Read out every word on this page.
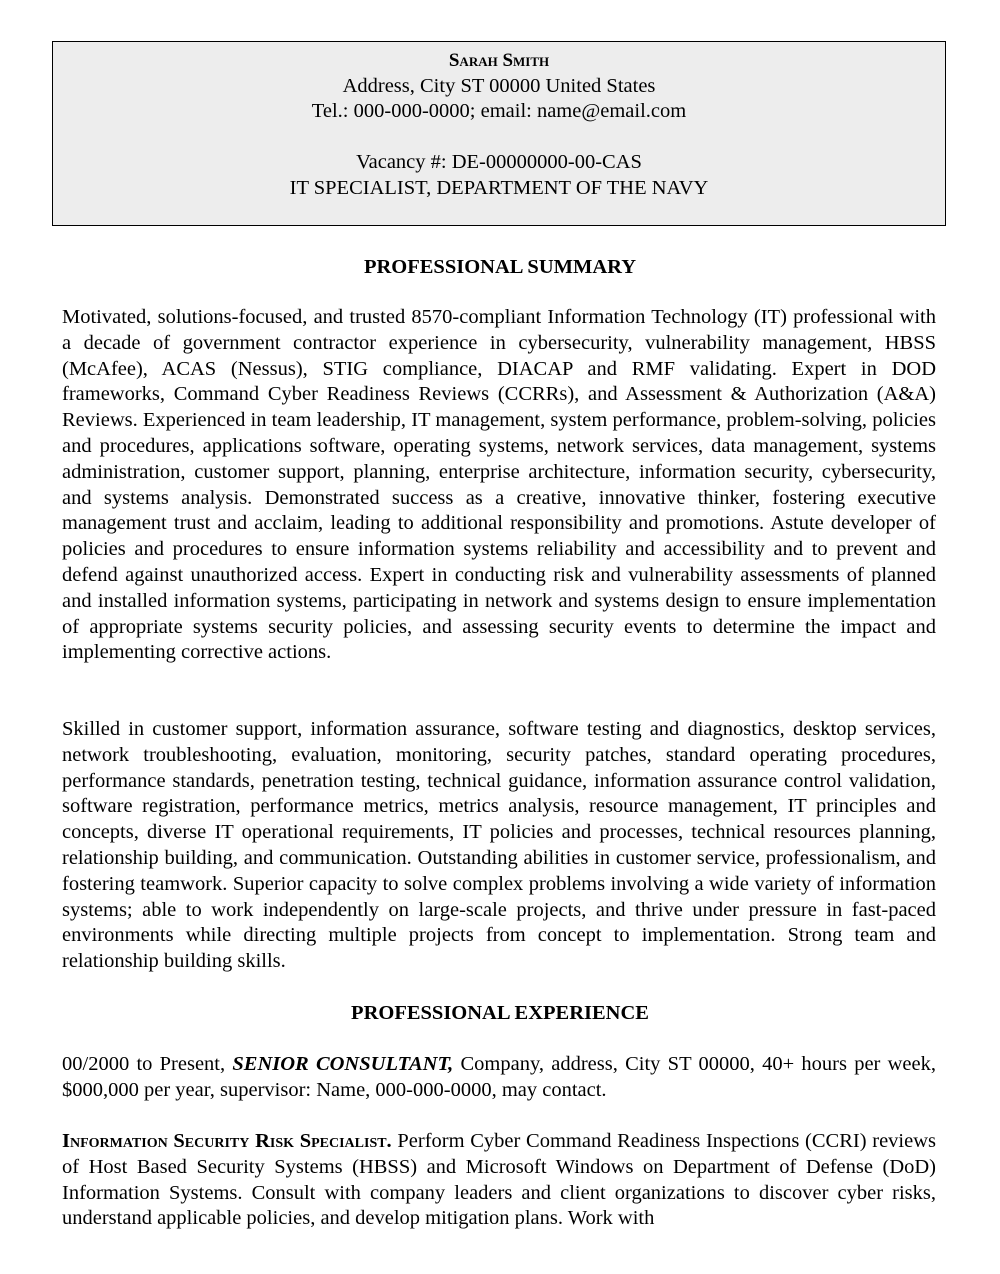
Sarah Smith
Address, City ST 00000 United States
Tel.: 000-000-0000; email: name@email.com
Vacancy #: DE-00000000-00-CAS
IT SPECIALIST, DEPARTMENT OF THE NAVY
PROFESSIONAL SUMMARY

Motivated, solutions-focused, and trusted 8570-compliant Information Technology (IT) professional with a decade of government contractor experience in cybersecurity, vulnerability management, HBSS (McAfee), ACAS (Nessus), STIG compliance, DIACAP and RMF validating. Expert in DOD frameworks, Command Cyber Readiness Reviews (CCRRs), and Assessment & Authorization (A&A) Reviews. Experienced in team leadership, IT management, system performance, problem-solving, policies and procedures, applications software, operating systems, network services, data management, systems administration, customer support, planning, enterprise architecture, information security, cybersecurity, and systems analysis. Demonstrated success as a creative, innovative thinker, fostering executive management trust and acclaim, leading to additional responsibility and promotions. Astute developer of policies and procedures to ensure information systems reliability and accessibility and to prevent and defend against unauthorized access. Expert in conducting risk and vulnerability assessments of planned and installed information systems, participating in network and systems design to ensure implementation of appropriate systems security policies, and assessing security events to determine the impact and implementing corrective actions.

Skilled in customer support, information assurance, software testing and diagnostics, desktop services, network troubleshooting, evaluation, monitoring, security patches, standard operating procedures, performance standards, penetration testing, technical guidance, information assurance control validation, software registration, performance metrics, metrics analysis, resource management, IT principles and concepts, diverse IT operational requirements, IT policies and processes, technical resources planning, relationship building, and communication. Outstanding abilities in customer service, professionalism, and fostering teamwork. Superior capacity to solve complex problems involving a wide variety of information systems; able to work independently on large-scale projects, and thrive under pressure in fast-paced environments while directing multiple projects from concept to implementation. Strong team and relationship building skills.

PROFESSIONAL EXPERIENCE

00/2000 to Present, SENIOR CONSULTANT, Company, address, City ST 00000, 40+ hours per week, $000,000 per year, supervisor: Name, 000-000-0000, may contact.

Information Security Risk Specialist. Perform Cyber Command Readiness Inspections (CCRI) reviews of Host Based Security Systems (HBSS) and Microsoft Windows on Department of Defense (DoD) Information Systems. Consult with company leaders and client organizations to discover cyber risks, understand applicable policies, and develop mitigation plans. Work with
